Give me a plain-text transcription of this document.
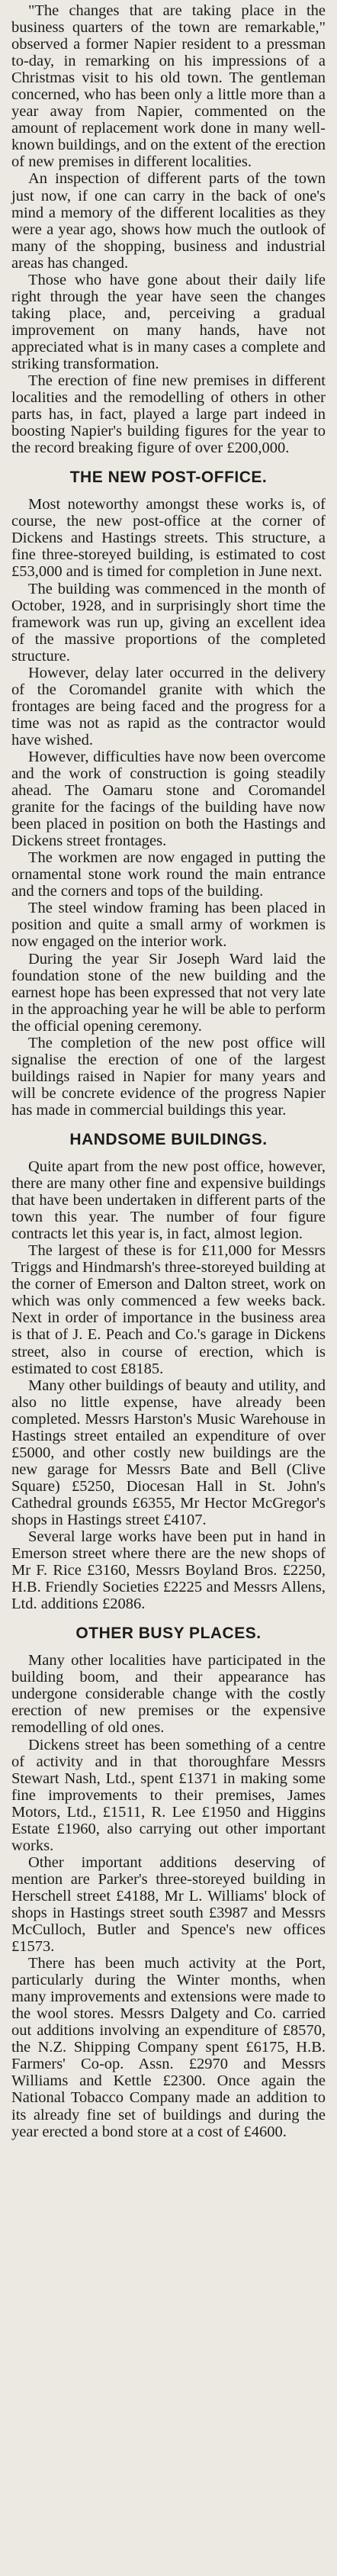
"The changes that are taking place in the business quarters of the town are remarkable," observed a former Napier resident to a pressman to-day, in remarking on his impressions of a Christmas visit to his old town. The gentleman concerned, who has been only a little more than a year away from Napier, commented on the amount of replacement work done in many well-known buildings, and on the extent of the erection of new premises in different localities.

An inspection of different parts of the town just now, if one can carry in the back of one's mind a memory of the different localities as they were a year ago, shows how much the outlook of many of the shopping, business and industrial areas has changed.

Those who have gone about their daily life right through the year have seen the changes taking place, and, perceiving a gradual improvement on many hands, have not appreciated what is in many cases a complete and striking transformation.

The erection of fine new premises in different localities and the remodelling of others in other parts has, in fact, played a large part indeed in boosting Napier's building figures for the year to the record breaking figure of over £200,000.

THE NEW POST-OFFICE.

Most noteworthy amongst these works is, of course, the new post-office at the corner of Dickens and Hastings streets. This structure, a fine three-storeyed building, is estimated to cost £53,000 and is timed for completion in June next.

The building was commenced in the month of October, 1928, and in surprisingly short time the framework was run up, giving an excellent idea of the massive proportions of the completed structure.

However, delay later occurred in the delivery of the Coromandel granite with which the frontages are being faced and the progress for a time was not as rapid as the contractor would have wished.

However, difficulties have now been overcome and the work of construction is going steadily ahead. The Oamaru stone and Coromandel granite for the facings of the building have now been placed in position on both the Hastings and Dickens street frontages.

The workmen are now engaged in putting the ornamental stone work round the main entrance and the corners and tops of the building.

The steel window framing has been placed in position and quite a small army of workmen is now engaged on the interior work.

During the year Sir Joseph Ward laid the foundation stone of the new building and the earnest hope has been expressed that not very late in the approaching year he will be able to perform the official opening ceremony.

The completion of the new post office will signalise the erection of one of the largest buildings raised in Napier for many years and will be concrete evidence of the progress Napier has made in commercial buildings this year.

HANDSOME BUILDINGS.

Quite apart from the new post office, however, there are many other fine and expensive buildings that have been undertaken in different parts of the town this year. The number of four figure contracts let this year is, in fact, almost legion.

The largest of these is for £11,000 for Messrs Triggs and Hindmarsh's three-storeyed building at the corner of Emerson and Dalton street, work on which was only commenced a few weeks back. Next in order of importance in the business area is that of J. E. Peach and Co.'s garage in Dickens street, also in course of erection, which is estimated to cost £8185.

Many other buildings of beauty and utility, and also no little expense, have already been completed. Messrs Harston's Music Warehouse in Hastings street entailed an expenditure of over £5000, and other costly new buildings are the new garage for Messrs Bate and Bell (Clive Square) £5250, Diocesan Hall in St. John's Cathedral grounds £6355, Mr Hector McGregor's shops in Hastings street £4107.

Several large works have been put in hand in Emerson street where there are the new shops of Mr F. Rice £3160, Messrs Boyland Bros. £2250, H.B. Friendly Societies £2225 and Messrs Allens, Ltd. additions £2086.

OTHER BUSY PLACES.

Many other localities have participated in the building boom, and their appearance has undergone considerable change with the costly erection of new premises or the expensive remodelling of old ones.

Dickens street has been something of a centre of activity and in that thoroughfare Messrs Stewart Nash, Ltd., spent £1371 in making some fine improvements to their premises, James Motors, Ltd., £1511, R. Lee £1950 and Higgins Estate £1960, also carrying out other important works.

Other important additions deserving of mention are Parker's three-storeyed building in Herschell street £4188, Mr L. Williams' block of shops in Hastings street south £3987 and Messrs McCulloch, Butler and Spence's new offices £1573.

There has been much activity at the Port, particularly during the Winter months, when many improvements and extensions were made to the wool stores. Messrs Dalgety and Co. carried out additions involving an expenditure of £8570, the N.Z. Shipping Company spent £6175, H.B. Farmers' Co-op. Assn. £2970 and Messrs Williams and Kettle £2300. Once again the National Tobacco Company made an addition to its already fine set of buildings and during the year erected a bond store at a cost of £4600.
